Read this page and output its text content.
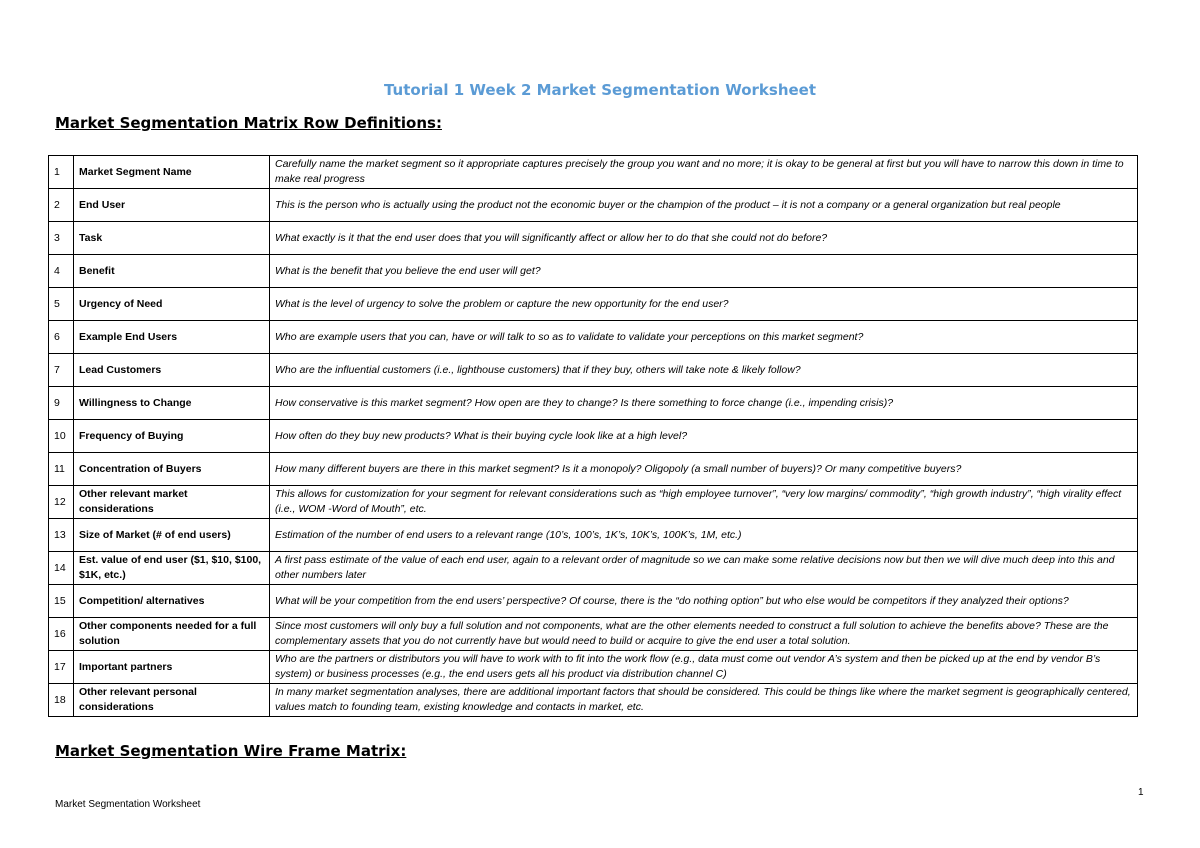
Tutorial 1 Week 2 Market Segmentation Worksheet
Market Segmentation Matrix Row Definitions:
1	Market Segment Name	Carefully name the market segment so it appropriate captures precisely the group you want and no more; it is okay to be general at first but you will have to narrow this down in time to make real progress
2	End User	This is the person who is actually using the product not the economic buyer or the champion of the product – it is not a company or a general organization but real people
3	Task	What exactly is it that the end user does that you will significantly affect or allow her to do that she could not do before?
4	Benefit	What is the benefit that you believe the end user will get?
5	Urgency of Need	What is the level of urgency to solve the problem or capture the new opportunity for the end user?
6	Example End Users	Who are example users that you can, have or will talk to so as to validate to validate your perceptions on this market segment?
7	Lead Customers	Who are the influential customers (i.e., lighthouse customers) that if they buy, others will take note & likely follow?
9	Willingness to Change	How conservative is this market segment? How open are they to change? Is there something to force change (i.e., impending crisis)?
10	Frequency of Buying	How often do they buy new products? What is their buying cycle look like at a high level?
11	Concentration of Buyers	How many different buyers are there in this market segment? Is it a monopoly? Oligopoly (a small number of buyers)? Or many competitive buyers?
12	Other relevant market considerations	This allows for customization for your segment for relevant considerations such as “high employee turnover”, “very low margins/ commodity”, “high growth industry”, “high virality effect (i.e., WOM -Word of Mouth”, etc.
13	Size of Market (# of end users)	Estimation of the number of end users to a relevant range (10’s, 100’s, 1K’s, 10K’s, 100K’s, 1M, etc.)
14	Est. value of end user ($1, $10, $100, $1K, etc.)	A first pass estimate of the value of each end user, again to a relevant order of magnitude so we can make some relative decisions now but then we will dive much deep into this and other numbers later
15	Competition/ alternatives	What will be your competition from the end users’ perspective? Of course, there is the “do nothing option” but who else would be competitors if they analyzed their options?
16	Other components needed for a full solution	Since most customers will only buy a full solution and not components, what are the other elements needed to construct a full solution to achieve the benefits above? These are the complementary assets that you do not currently have but would need to build or acquire to give the end user a total solution.
17	Important partners	Who are the partners or distributors you will have to work with to fit into the work flow (e.g., data must come out vendor A’s system and then be picked up at the end by vendor B’s system) or business processes (e.g., the end users gets all his product via distribution channel C)
18	Other relevant personal considerations	In many market segmentation analyses, there are additional important factors that should be considered. This could be things like where the market segment is geographically centered, values match to founding team, existing knowledge and contacts in market, etc.
Market Segmentation Wire Frame Matrix:
Market Segmentation Worksheet
1
